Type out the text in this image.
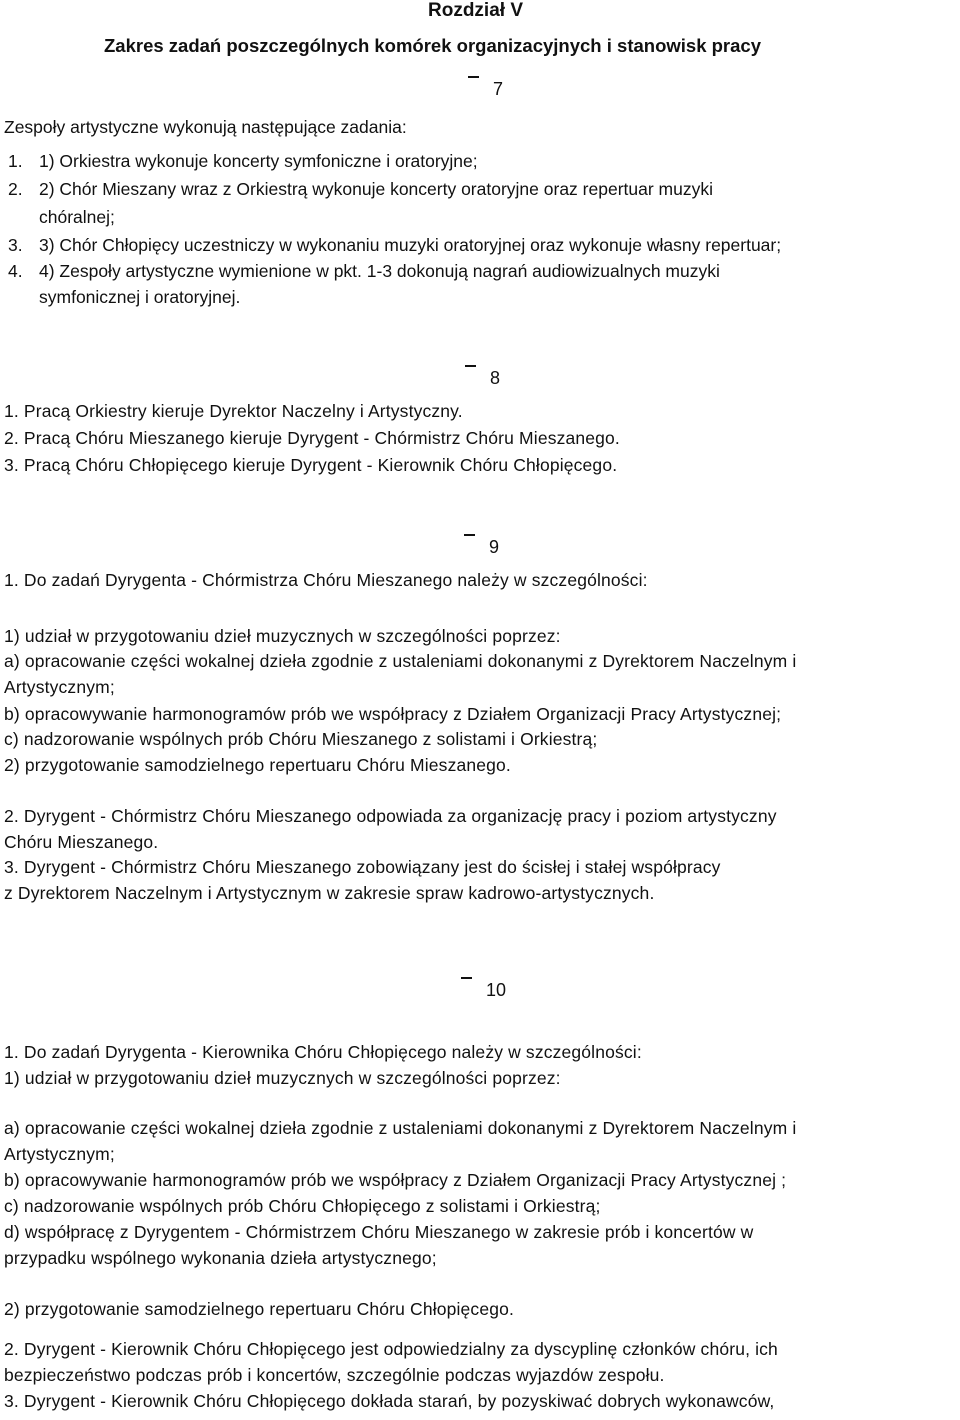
Rozdział V
Zakres zadań poszczególnych komórek organizacyjnych i stanowisk pracy
7
Zespoły artystyczne wykonują następujące zadania:
1. 1) Orkiestra wykonuje koncerty symfoniczne i oratoryjne;
2. 2) Chór Mieszany wraz z Orkiestrą wykonuje koncerty oratoryjne oraz repertuar muzyki
chóralnej;
3. 3) Chór Chłopięcy uczestniczy w wykonaniu muzyki oratoryjnej oraz wykonuje własny repertuar;
4. 4) Zespoły artystyczne wymienione w pkt. 1-3 dokonują nagrań audiowizualnych muzyki
symfonicznej i oratoryjnej.
8
1. Pracą Orkiestry kieruje Dyrektor Naczelny i Artystyczny.
2. Pracą Chóru Mieszanego kieruje Dyrygent - Chórmistrz Chóru Mieszanego.
3. Pracą Chóru Chłopięcego kieruje Dyrygent - Kierownik Chóru Chłopięcego.
9
1. Do zadań Dyrygenta - Chórmistrza Chóru Mieszanego należy w szczególności:
1) udział w przygotowaniu dzieł muzycznych w szczególności poprzez:
a) opracowanie części wokalnej dzieła zgodnie z ustaleniami dokonanymi z Dyrektorem Naczelnym i
Artystycznym;
b) opracowywanie harmonogramów prób we współpracy z Działem Organizacji Pracy Artystycznej;
c) nadzorowanie wspólnych prób Chóru Mieszanego z solistami i Orkiestrą;
2) przygotowanie samodzielnego repertuaru Chóru Mieszanego.
2. Dyrygent - Chórmistrz Chóru Mieszanego odpowiada za organizację pracy i poziom artystyczny
Chóru Mieszanego.
3. Dyrygent - Chórmistrz Chóru Mieszanego zobowiązany jest do ścisłej i stałej współpracy
z Dyrektorem Naczelnym i Artystycznym w zakresie spraw kadrowo-artystycznych.
10
1. Do zadań Dyrygenta - Kierownika Chóru Chłopięcego należy w szczególności:
1) udział w przygotowaniu dzieł muzycznych w szczególności poprzez:
a) opracowanie części wokalnej dzieła zgodnie z ustaleniami dokonanymi z Dyrektorem Naczelnym i
Artystycznym;
b) opracowywanie harmonogramów prób we współpracy z Działem Organizacji Pracy Artystycznej ;
c) nadzorowanie wspólnych prób Chóru Chłopięcego z solistami i Orkiestrą;
d) współpracę z Dyrygentem - Chórmistrzem Chóru Mieszanego w zakresie prób i koncertów w
przypadku wspólnego wykonania dzieła artystycznego;
2) przygotowanie samodzielnego repertuaru Chóru Chłopięcego.
2. Dyrygent - Kierownik Chóru Chłopięcego jest odpowiedzialny za dyscyplinę członków chóru, ich
bezpieczeństwo podczas prób i koncertów, szczególnie podczas wyjazdów zespołu.
3. Dyrygent - Kierownik Chóru Chłopięcego dokłada starań, by pozyskiwać dobrych wykonawców,
